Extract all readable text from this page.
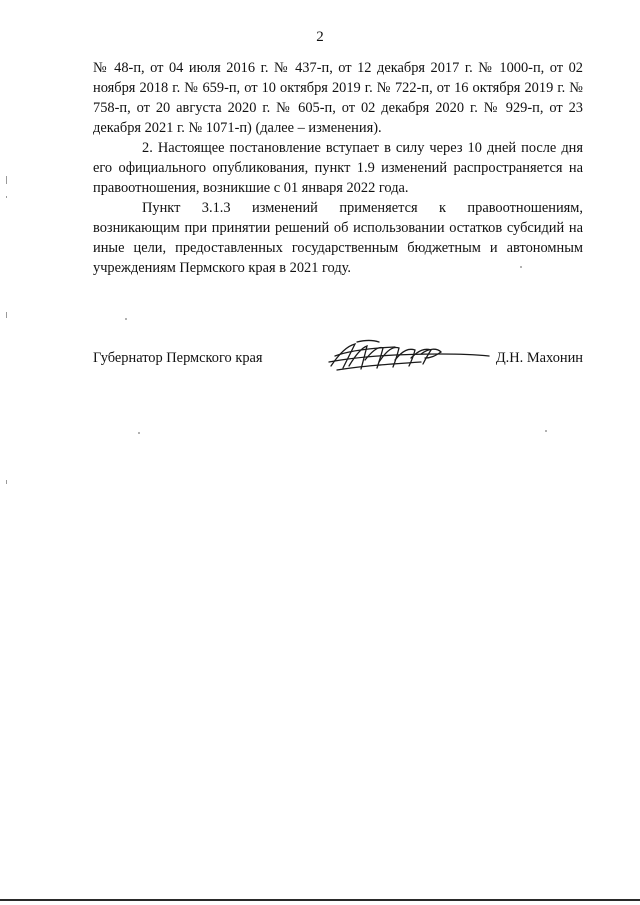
2

№ 48-п, от 04 июля 2016 г. № 437-п, от 12 декабря 2017 г. № 1000-п, от 02 ноября 2018 г. № 659-п, от 10 октября 2019 г. № 722-п, от 16 октября 2019 г. № 758-п, от 20 августа 2020 г. № 605-п, от 02 декабря 2020 г. № 929-п, от 23 декабря 2021 г. № 1071-п) (далее – изменения).

2. Настоящее постановление вступает в силу через 10 дней после дня его официального опубликования, пункт 1.9 изменений распространяется на правоотношения, возникшие с 01 января 2022 года.

Пункт 3.1.3 изменений применяется к правоотношениям, возникающим при принятии решений об использовании остатков субсидий на иные цели, предоставленных государственным бюджетным и автономным учреждениям Пермского края в 2021 году.

Губернатор Пермского края	Д.Н. Махонин
